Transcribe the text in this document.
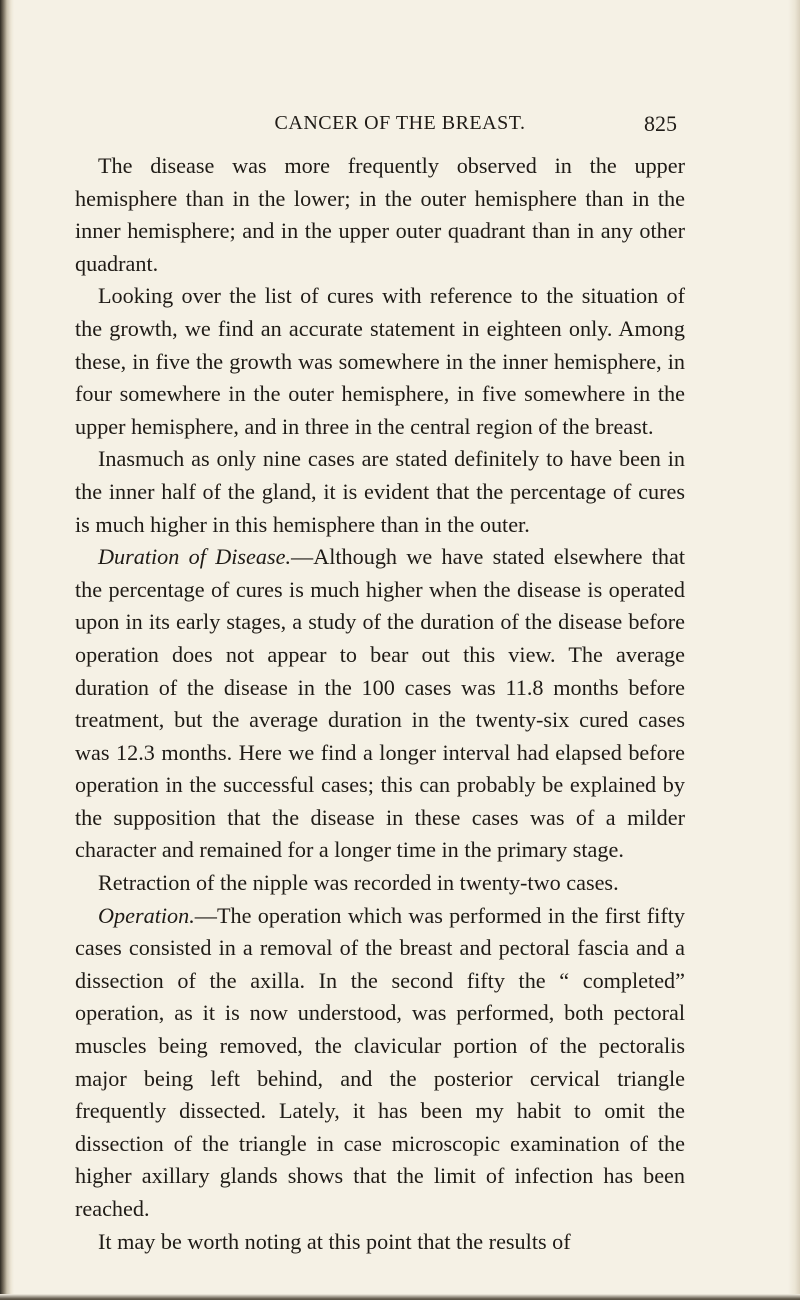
CANCER OF THE BREAST.	825

The disease was more frequently observed in the upper hemisphere than in the lower; in the outer hemisphere than in the inner hemisphere; and in the upper outer quadrant than in any other quadrant.

Looking over the list of cures with reference to the situation of the growth, we find an accurate statement in eighteen only. Among these, in five the growth was somewhere in the inner hemisphere, in four somewhere in the outer hemisphere, in five somewhere in the upper hemisphere, and in three in the central region of the breast.

Inasmuch as only nine cases are stated definitely to have been in the inner half of the gland, it is evident that the percentage of cures is much higher in this hemisphere than in the outer.

Duration of Disease.—Although we have stated elsewhere that the percentage of cures is much higher when the disease is operated upon in its early stages, a study of the duration of the disease before operation does not appear to bear out this view. The average duration of the disease in the 100 cases was 11.8 months before treatment, but the average duration in the twenty-six cured cases was 12.3 months. Here we find a longer interval had elapsed before operation in the successful cases; this can probably be explained by the supposition that the disease in these cases was of a milder character and remained for a longer time in the primary stage.

Retraction of the nipple was recorded in twenty-two cases.

Operation.—The operation which was performed in the first fifty cases consisted in a removal of the breast and pectoral fascia and a dissection of the axilla. In the second fifty the “ completed” operation, as it is now understood, was performed, both pectoral muscles being removed, the clavicular portion of the pectoralis major being left behind, and the posterior cervical triangle frequently dissected. Lately, it has been my habit to omit the dissection of the triangle in case microscopic examination of the higher axillary glands shows that the limit of infection has been reached.

It may be worth noting at this point that the results of
